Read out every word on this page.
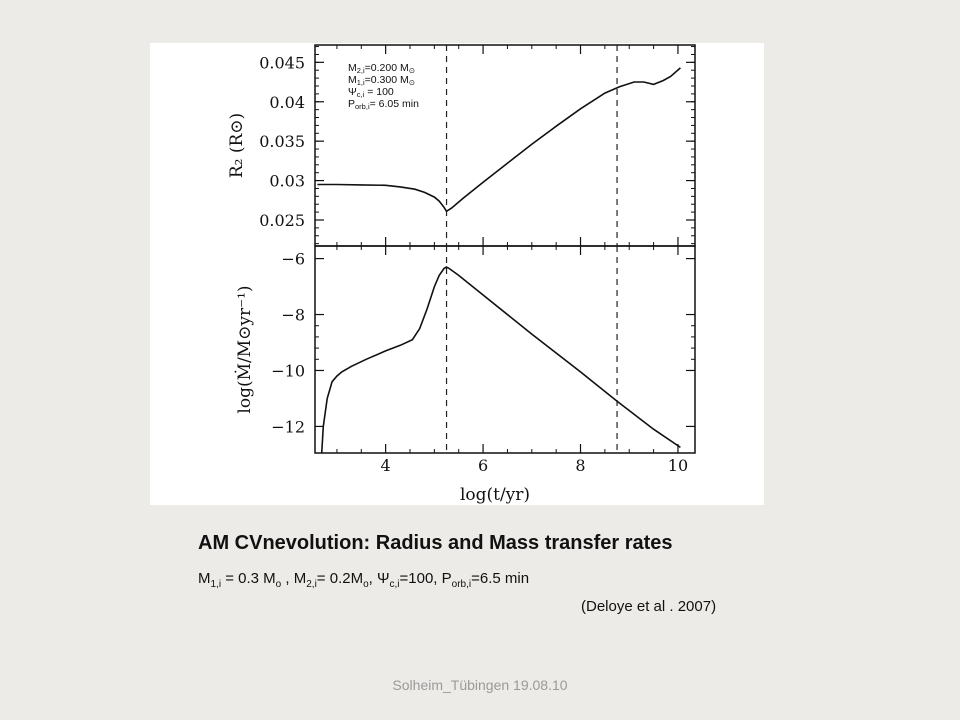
0.025
0.03
0.035
0.04
0.045
R₂ (R⊙)
−6
−8
−10
−12
log(Ṁ/M⊙yr⁻¹)
4	6	8	10
log(t/yr)
M2,i=0.200 M⊙
M1,i=0.300 M⊙
Ψc,i = 100
Porb,i= 6.05 min
AM CVnevolution: Radius and Mass transfer rates
$M_{1,i} = 0.3$ $M_o$ , $M_{2,i}= 0.2M_o$, $\Psi_{c,i}=100$, $P_{orb,i}=6.5$ min
(Deloye et al . 2007)
Solheim_Tübingen 19.08.10
